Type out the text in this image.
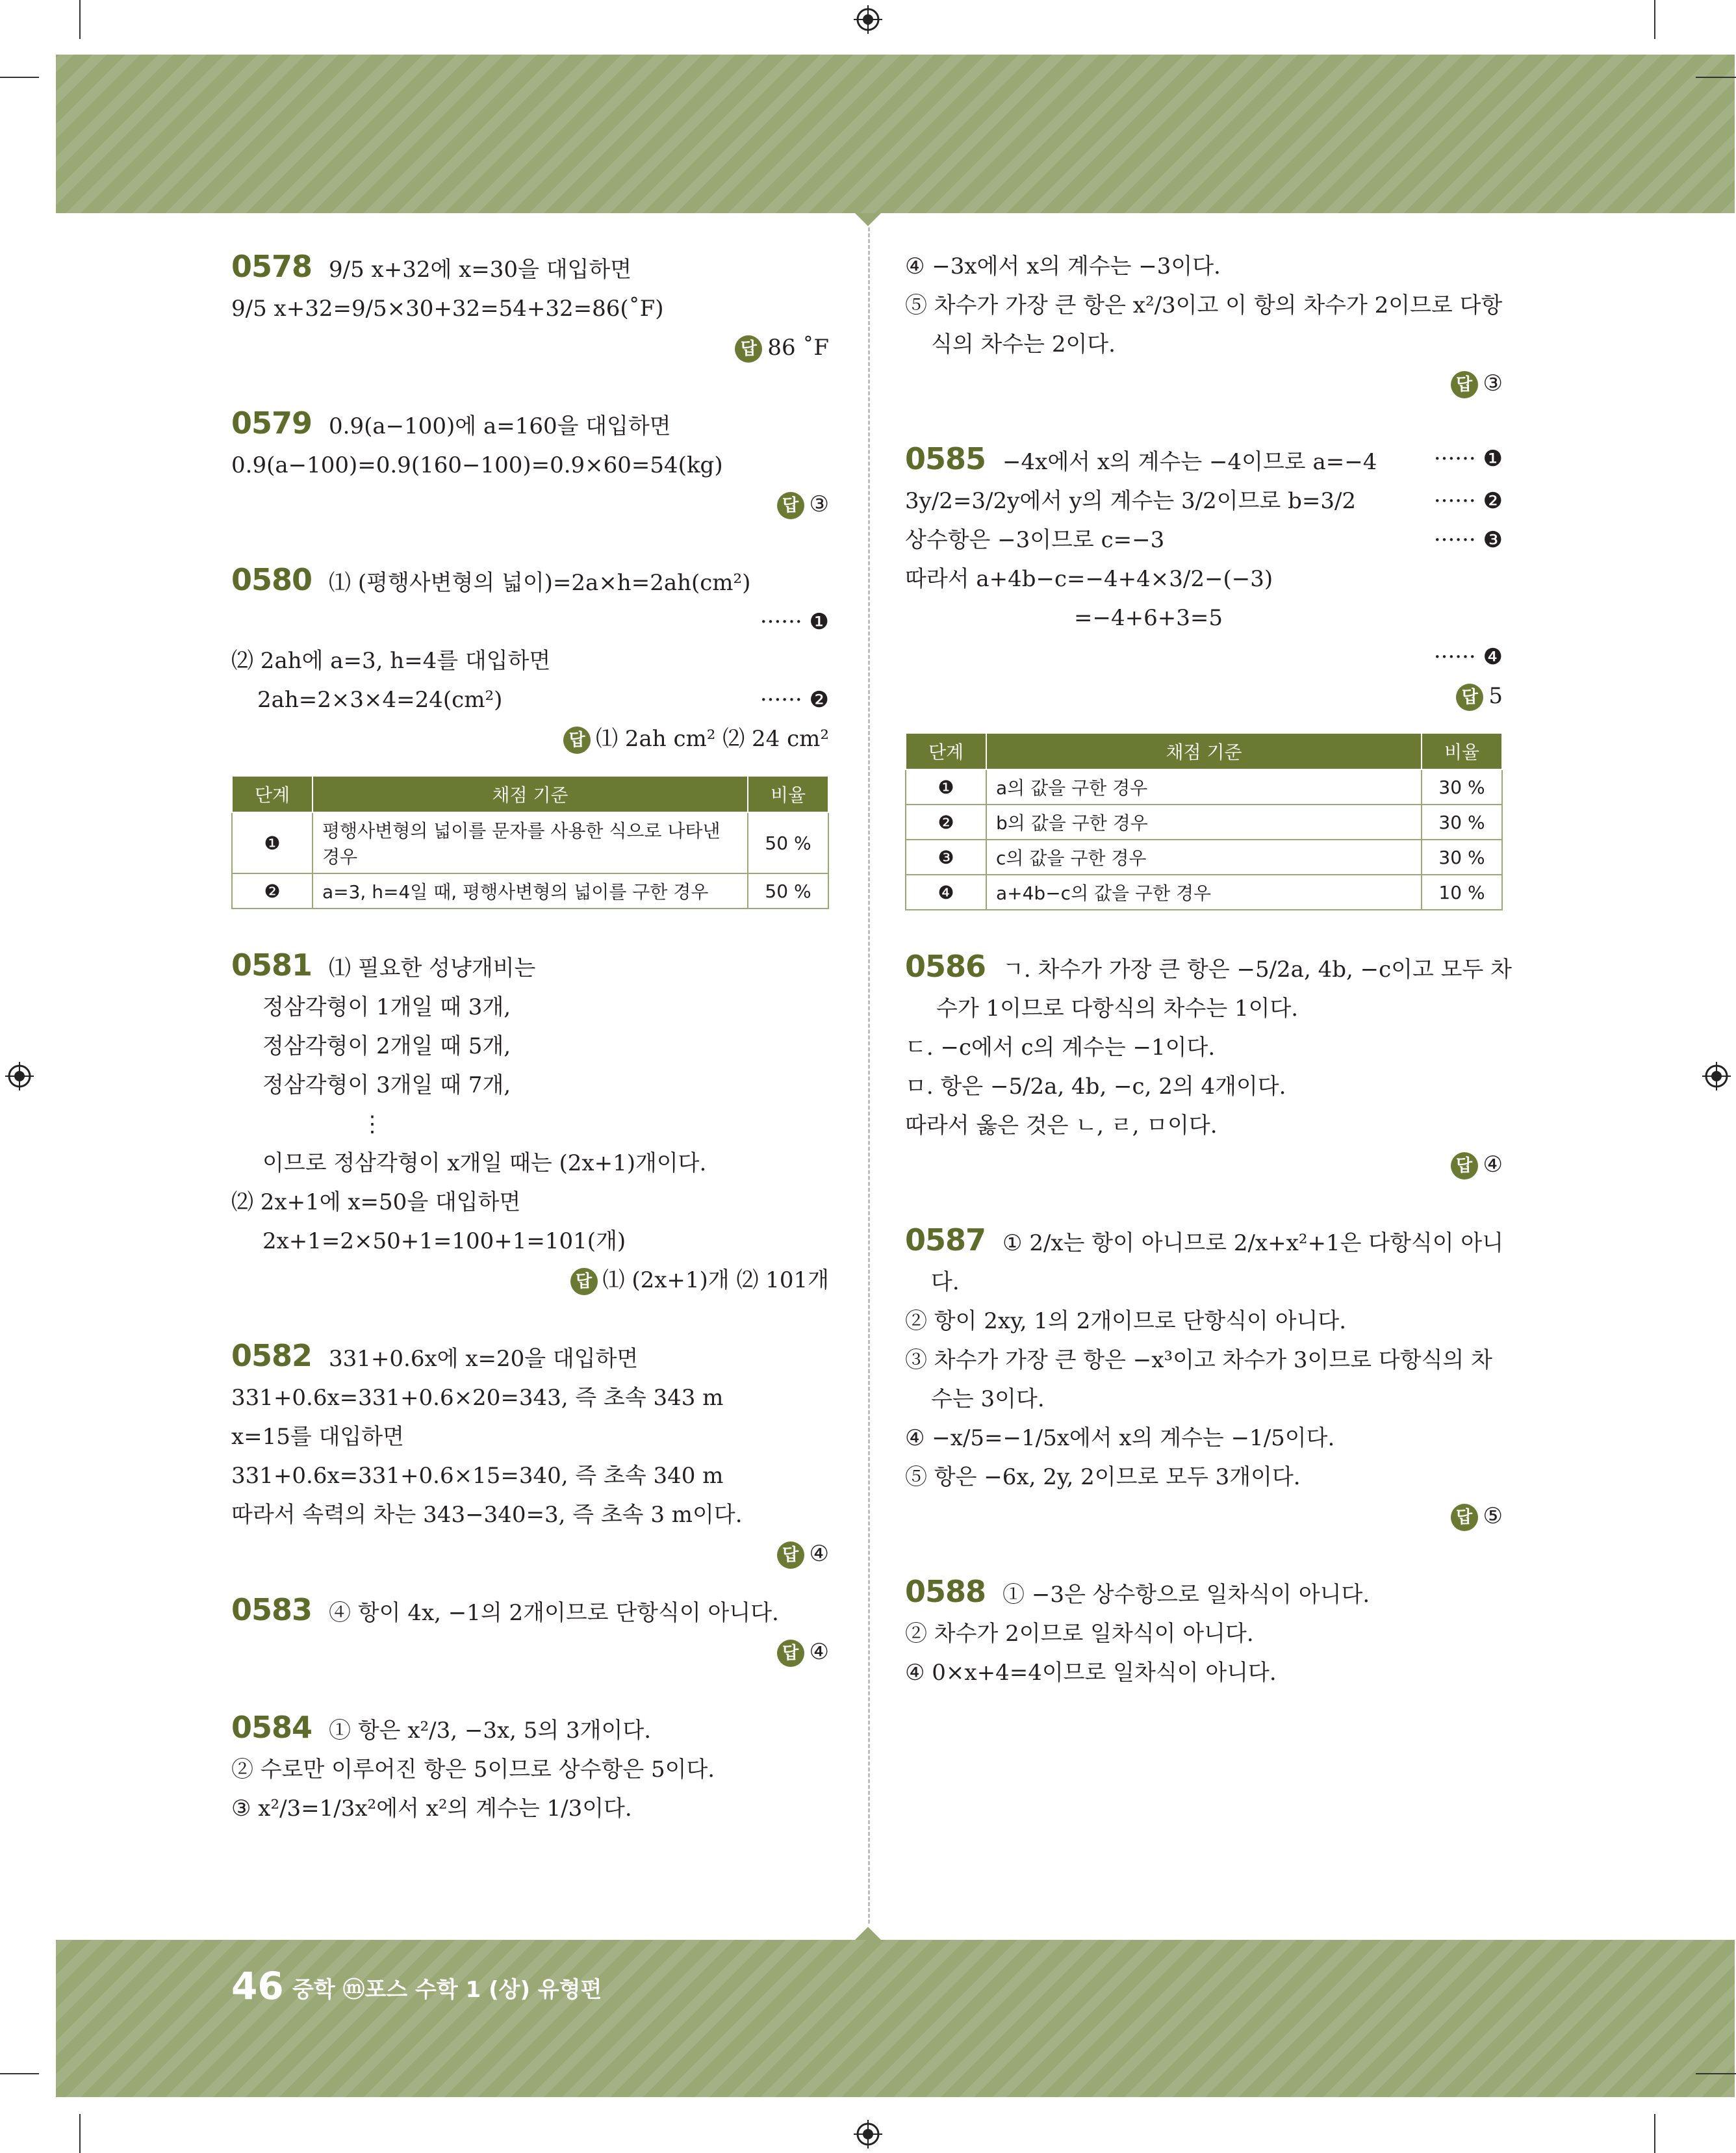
46 중학 ⓜ포스 수학 1 (상) 유형편
0578 9/5 x+32에 x=30을 대입하면
9/5 x+32=9/5×30+32=54+32=86(˚F)
답 86 ˚F
0579 0.9(a−100)에 a=160을 대입하면
0.9(a−100)=0.9(160−100)=0.9×60=54(kg)
답 ③
0580 ⑴ (평행사변형의 넓이)=2a×h=2ah(cm²)
······ ❶
⑵ 2ah에 a=3, h=4를 대입하면
2ah=2×3×4=24(cm²)	······ ❷
답 ⑴ 2ah cm² ⑵ 24 cm²
단계	채점 기준	비율
❶	평행사변형의 넓이를 문자를 사용한 식으로 나타낸 경우	50 %
❷	a=3, h=4일 때, 평행사변형의 넓이를 구한 경우	50 %
0581 ⑴ 필요한 성냥개비는
정삼각형이 1개일 때 3개,
정삼각형이 2개일 때 5개,
정삼각형이 3개일 때 7개,
⋮
이므로 정삼각형이 x개일 때는 (2x+1)개이다.
⑵ 2x+1에 x=50을 대입하면
2x+1=2×50+1=100+1=101(개)
답 ⑴ (2x+1)개 ⑵ 101개
0582 331+0.6x에 x=20을 대입하면
331+0.6x=331+0.6×20=343, 즉 초속 343 m
x=15를 대입하면
331+0.6x=331+0.6×15=340, 즉 초속 340 m
따라서 속력의 차는 343−340=3, 즉 초속 3 m이다.
답 ④
0583 ④ 항이 4x, −1의 2개이므로 단항식이 아니다.
답 ④
0584 ① 항은 x²/3, −3x, 5의 3개이다.
② 수로만 이루어진 항은 5이므로 상수항은 5이다.
③ x²/3=1/3x²에서 x²의 계수는 1/3이다.
④ −3x에서 x의 계수는 −3이다.
⑤ 차수가 가장 큰 항은 x²/3이고 이 항의 차수가 2이므로 다항
식의 차수는 2이다.
답 ③
0585 −4x에서 x의 계수는 −4이므로 a=−4	······ ❶
3y/2=3/2y에서 y의 계수는 3/2이므로 b=3/2	······ ❷
상수항은 −3이므로 c=−3	······ ❸
따라서 a+4b−c=−4+4×3/2−(−3)
=−4+6+3=5
······ ❹
답 5
단계	채점 기준	비율
❶	a의 값을 구한 경우	30 %
❷	b의 값을 구한 경우	30 %
❸	c의 값을 구한 경우	30 %
❹	a+4b−c의 값을 구한 경우	10 %
0586 ㄱ. 차수가 가장 큰 항은 −5/2a, 4b, −c이고 모두 차
수가 1이므로 다항식의 차수는 1이다.
ㄷ. −c에서 c의 계수는 −1이다.
ㅁ. 항은 −5/2a, 4b, −c, 2의 4개이다.
따라서 옳은 것은 ㄴ, ㄹ, ㅁ이다.
답 ④
0587 ① 2/x는 항이 아니므로 2/x+x²+1은 다항식이 아니
다.
② 항이 2xy, 1의 2개이므로 단항식이 아니다.
③ 차수가 가장 큰 항은 −x³이고 차수가 3이므로 다항식의 차
수는 3이다.
④ −x/5=−1/5x에서 x의 계수는 −1/5이다.
⑤ 항은 −6x, 2y, 2이므로 모두 3개이다.
답 ⑤
0588 ① −3은 상수항으로 일차식이 아니다.
② 차수가 2이므로 일차식이 아니다.
④ 0×x+4=4이므로 일차식이 아니다.
